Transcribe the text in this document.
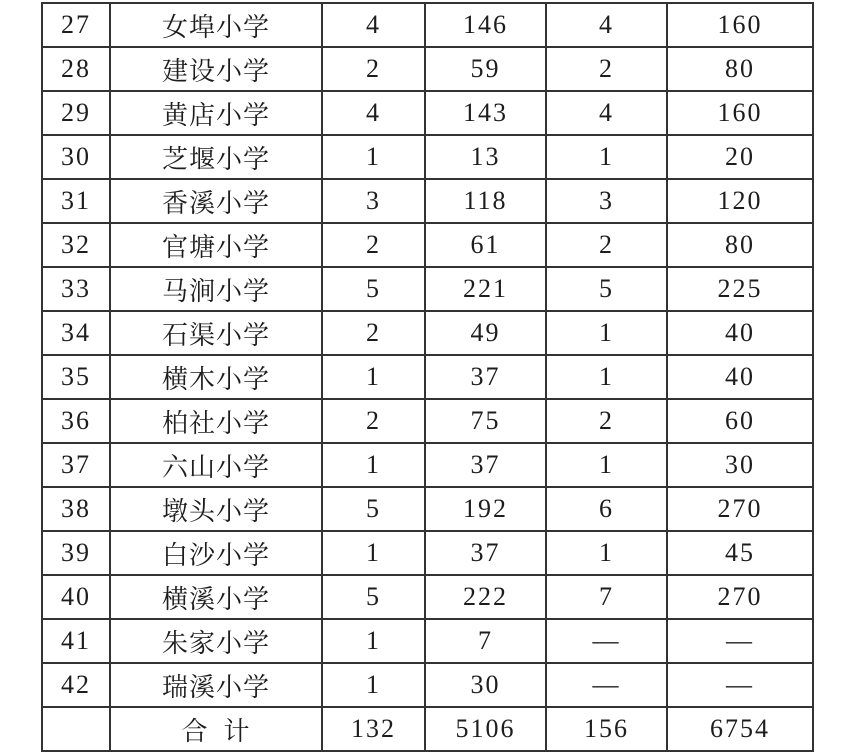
27	女埠小学	4	146	4	160
28	建设小学	2	59	2	80
29	黄店小学	4	143	4	160
30	芝堰小学	1	13	1	20
31	香溪小学	3	118	3	120
32	官塘小学	2	61	2	80
33	马涧小学	5	221	5	225
34	石渠小学	2	49	1	40
35	横木小学	1	37	1	40
36	柏社小学	2	75	2	60
37	六山小学	1	37	1	30
38	墩头小学	5	192	6	270
39	白沙小学	1	37	1	45
40	横溪小学	5	222	7	270
41	朱家小学	1	7	—	—
42	瑞溪小学	1	30	—	—
	合  计	132	5106	156	6754
